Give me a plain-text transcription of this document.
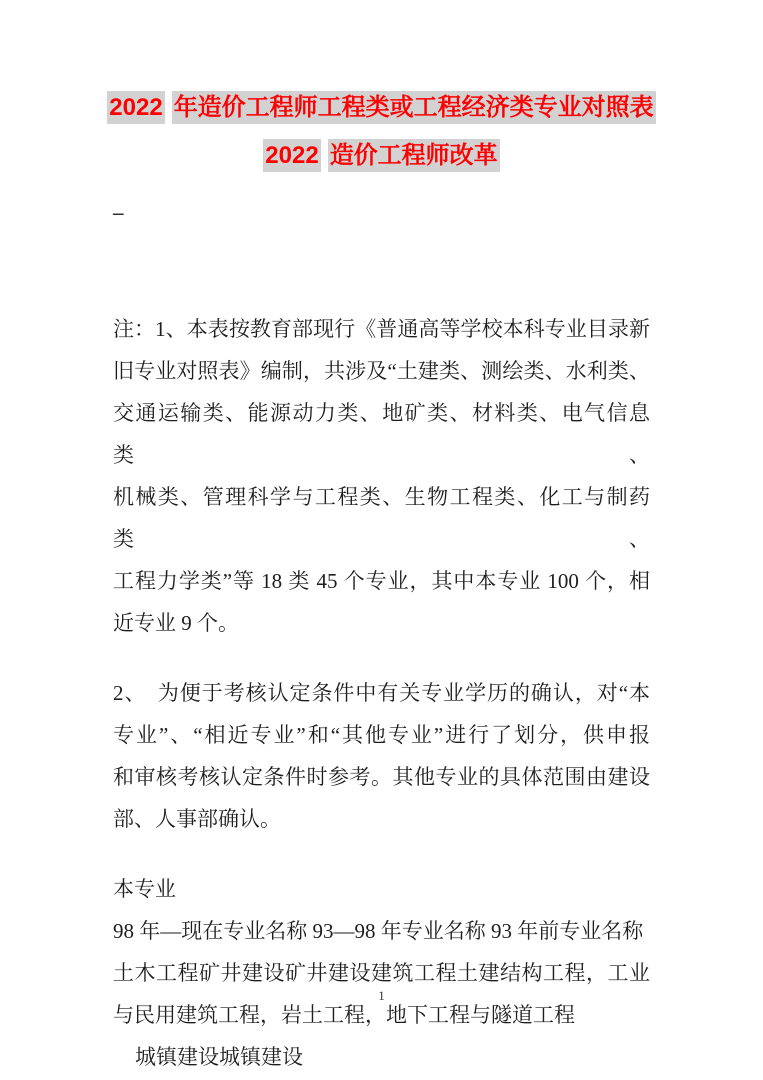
2022 年造价工程师工程类或工程经济类专业对照表
2022 造价工程师改革
_
注：1、本表按教育部现行《普通高等学校本科专业目录新
旧专业对照表》编制，共涉及“土建类、测绘类、水利类、
交通运输类、能源动力类、地矿类、材料类、电气信息类、
机械类、管理科学与工程类、生物工程类、化工与制药类、
工程力学类”等 18 类 45 个专业，其中本专业 100 个，相
近专业 9 个。
2、　为便于考核认定条件中有关专业学历的确认，对“本
专业”、“相近专业”和“其他专业”进行了划分，供申报
和审核考核认定条件时参考。其他专业的具体范围由建设
部、人事部确认。
本专业
98 年—现在专业名称 93—98 年专业名称 93 年前专业名称
土木工程矿井建设矿井建设建筑工程土建结构工程，工业
与民用建筑工程，岩土工程，地下工程与隧道工程
城镇建设城镇建设
1
